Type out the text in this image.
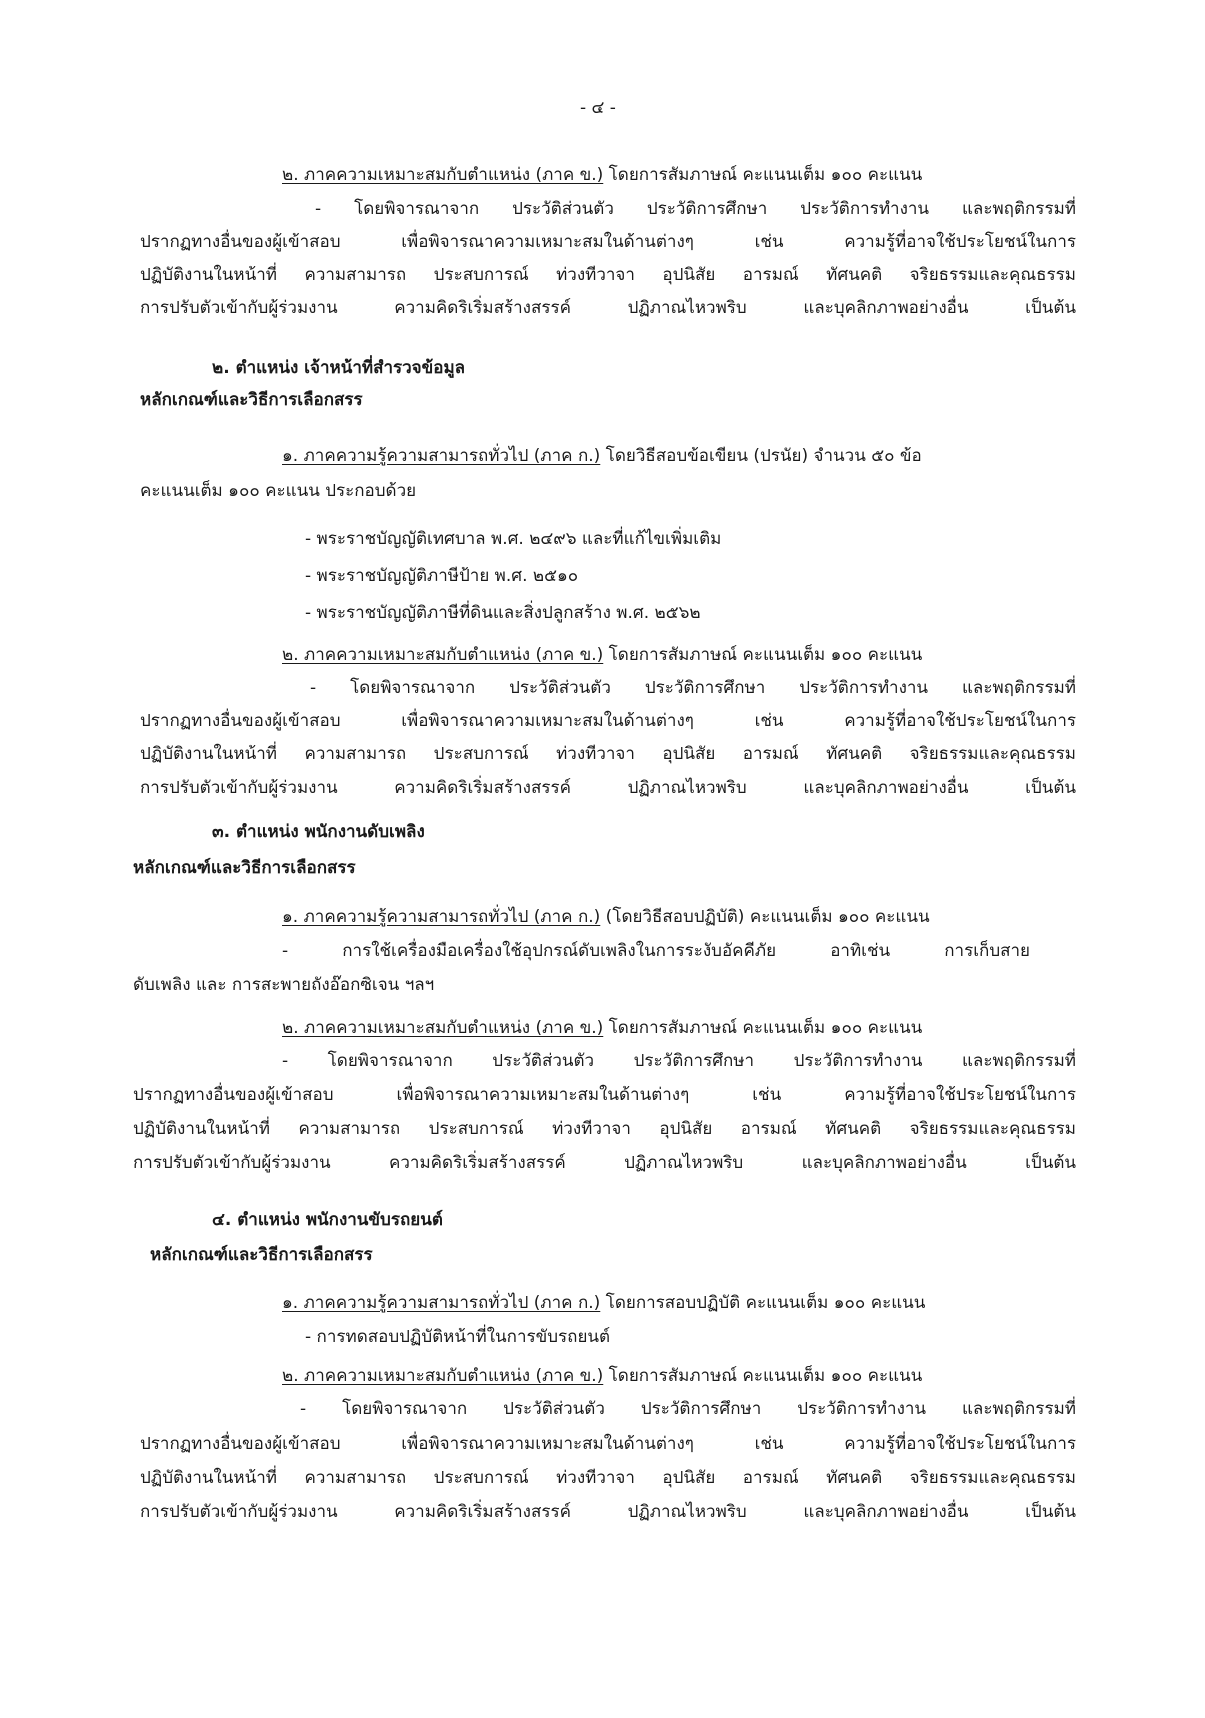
- ๔ -
๒. ภาคความเหมาะสมกับตำแหน่ง (ภาค ข.) โดยการสัมภาษณ์ คะแนนเต็ม ๑๐๐ คะแนน
- โดยพิจารณาจาก ประวัติส่วนตัว ประวัติการศึกษา ประวัติการทำงาน และพฤติกรรมที่
ปรากฏทางอื่นของผู้เข้าสอบ เพื่อพิจารณาความเหมาะสมในด้านต่างๆ เช่น ความรู้ที่อาจใช้ประโยชน์ในการ
ปฏิบัติงานในหน้าที่ ความสามารถ ประสบการณ์ ท่วงทีวาจา อุปนิสัย อารมณ์ ทัศนคติ จริยธรรมและคุณธรรม
การปรับตัวเข้ากับผู้ร่วมงาน ความคิดริเริ่มสร้างสรรค์ ปฏิภาณไหวพริบ และบุคลิกภาพอย่างอื่น เป็นต้น
๒. ตำแหน่ง เจ้าหน้าที่สำรวจข้อมูล
หลักเกณฑ์และวิธีการเลือกสรร
๑. ภาคความรู้ความสามารถทั่วไป (ภาค ก.) โดยวิธีสอบข้อเขียน (ปรนัย) จำนวน ๕๐ ข้อ
คะแนนเต็ม ๑๐๐ คะแนน ประกอบด้วย
- พระราชบัญญัติเทศบาล พ.ศ. ๒๔๙๖ และที่แก้ไขเพิ่มเติม
- พระราชบัญญัติภาษีป้าย พ.ศ. ๒๕๑๐
- พระราชบัญญัติภาษีที่ดินและสิ่งปลูกสร้าง พ.ศ. ๒๕๖๒
๒. ภาคความเหมาะสมกับตำแหน่ง (ภาค ข.) โดยการสัมภาษณ์ คะแนนเต็ม ๑๐๐ คะแนน
- โดยพิจารณาจาก ประวัติส่วนตัว ประวัติการศึกษา ประวัติการทำงาน และพฤติกรรมที่
ปรากฏทางอื่นของผู้เข้าสอบ เพื่อพิจารณาความเหมาะสมในด้านต่างๆ เช่น ความรู้ที่อาจใช้ประโยชน์ในการ
ปฏิบัติงานในหน้าที่ ความสามารถ ประสบการณ์ ท่วงทีวาจา อุปนิสัย อารมณ์ ทัศนคติ จริยธรรมและคุณธรรม
การปรับตัวเข้ากับผู้ร่วมงาน ความคิดริเริ่มสร้างสรรค์ ปฏิภาณไหวพริบ และบุคลิกภาพอย่างอื่น เป็นต้น
๓. ตำแหน่ง พนักงานดับเพลิง
หลักเกณฑ์และวิธีการเลือกสรร
๑. ภาคความรู้ความสามารถทั่วไป (ภาค ก.) (โดยวิธีสอบปฏิบัติ) คะแนนเต็ม ๑๐๐ คะแนน
- การใช้เครื่องมือเครื่องใช้อุปกรณ์ดับเพลิงในการระงับอัคคีภัย อาทิเช่น การเก็บสาย
ดับเพลิง และ การสะพายถังอ๊อกซิเจน ฯลฯ
๒. ภาคความเหมาะสมกับตำแหน่ง (ภาค ข.) โดยการสัมภาษณ์ คะแนนเต็ม ๑๐๐ คะแนน
- โดยพิจารณาจาก ประวัติส่วนตัว ประวัติการศึกษา ประวัติการทำงาน และพฤติกรรมที่
ปรากฏทางอื่นของผู้เข้าสอบ เพื่อพิจารณาความเหมาะสมในด้านต่างๆ เช่น ความรู้ที่อาจใช้ประโยชน์ในการ
ปฏิบัติงานในหน้าที่ ความสามารถ ประสบการณ์ ท่วงทีวาจา อุปนิสัย อารมณ์ ทัศนคติ จริยธรรมและคุณธรรม
การปรับตัวเข้ากับผู้ร่วมงาน ความคิดริเริ่มสร้างสรรค์ ปฏิภาณไหวพริบ และบุคลิกภาพอย่างอื่น เป็นต้น
๔. ตำแหน่ง พนักงานขับรถยนต์
หลักเกณฑ์และวิธีการเลือกสรร
๑. ภาคความรู้ความสามารถทั่วไป (ภาค ก.) โดยการสอบปฏิบัติ คะแนนเต็ม ๑๐๐ คะแนน
- การทดสอบปฏิบัติหน้าที่ในการขับรถยนต์
๒. ภาคความเหมาะสมกับตำแหน่ง (ภาค ข.) โดยการสัมภาษณ์ คะแนนเต็ม ๑๐๐ คะแนน
- โดยพิจารณาจาก ประวัติส่วนตัว ประวัติการศึกษา ประวัติการทำงาน และพฤติกรรมที่
ปรากฏทางอื่นของผู้เข้าสอบ เพื่อพิจารณาความเหมาะสมในด้านต่างๆ เช่น ความรู้ที่อาจใช้ประโยชน์ในการ
ปฏิบัติงานในหน้าที่ ความสามารถ ประสบการณ์ ท่วงทีวาจา อุปนิสัย อารมณ์ ทัศนคติ จริยธรรมและคุณธรรม
การปรับตัวเข้ากับผู้ร่วมงาน ความคิดริเริ่มสร้างสรรค์ ปฏิภาณไหวพริบ และบุคลิกภาพอย่างอื่น เป็นต้น
